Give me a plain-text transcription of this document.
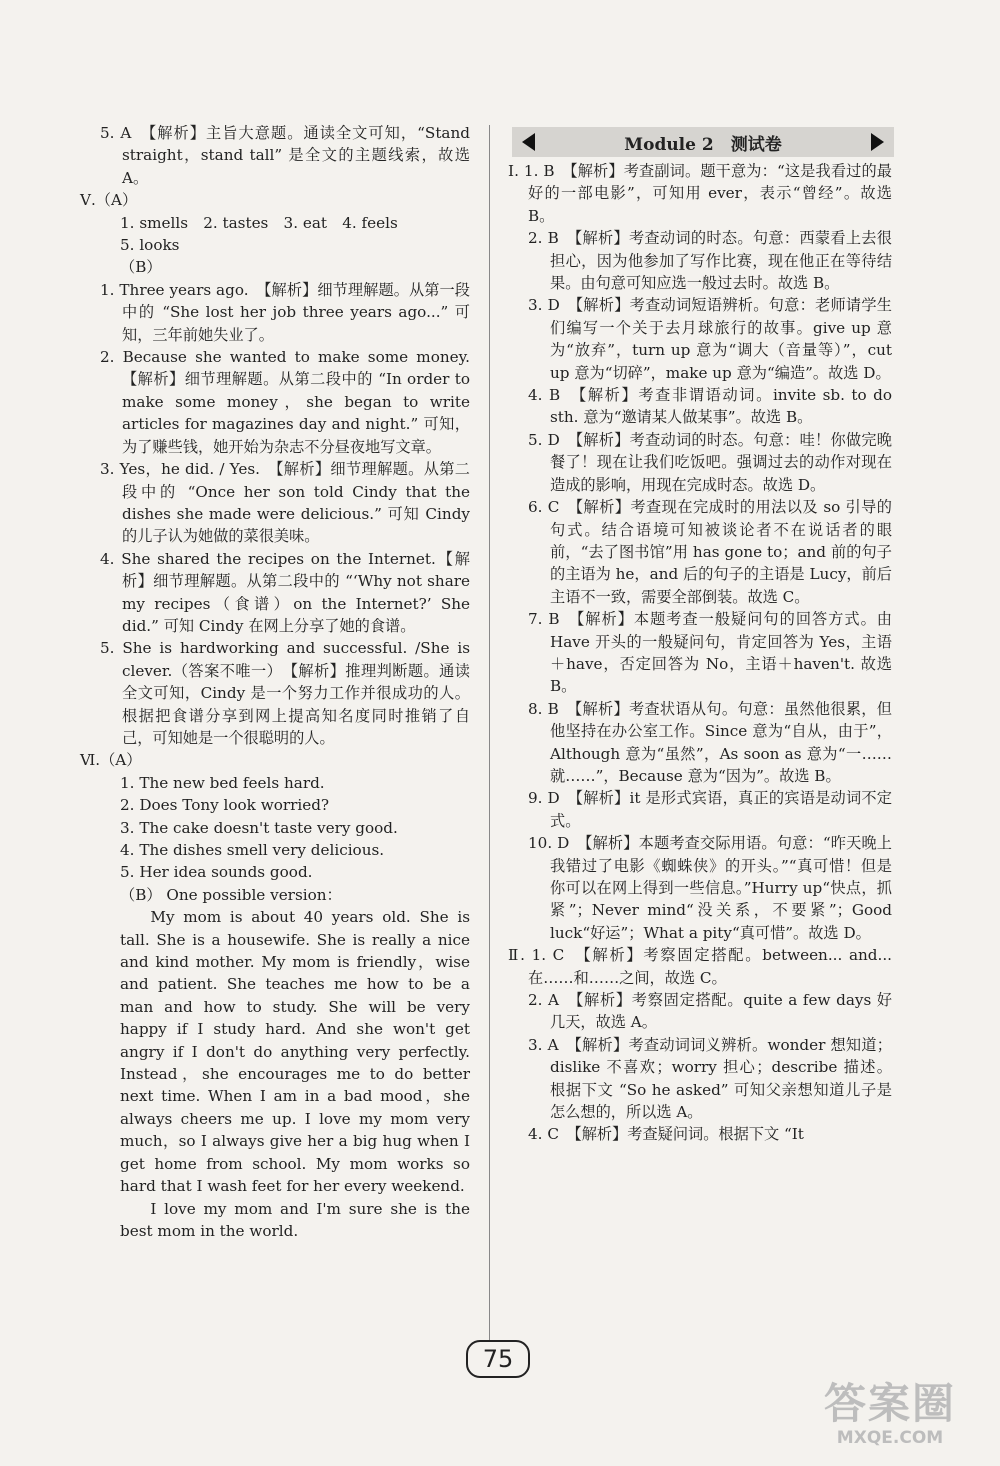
Module 2　测试卷

5. A　【解析】主旨大意题。通读全文可知，“Stand straight，stand tall” 是全文的主题线索，故选 A。

Ⅴ.（A）

1. smells　2. tastes　3. eat　4. feels

5. looks

（B）

1. Three years ago.　【解析】细节理解题。从第一段中的 “She lost her job three years ago...” 可知，三年前她失业了。

2. Because she wanted to make some money.【解析】细节理解题。从第二段中的 “In order to make some money，she began to write articles for magazines day and night.” 可知，为了赚些钱，她开始为杂志不分昼夜地写文章。

3. Yes，he did. / Yes.　【解析】细节理解题。从第二段中的 “Once her son told Cindy that the dishes she made were delicious.” 可知 Cindy 的儿子认为她做的菜很美味。

4. She shared the recipes on the Internet.【解析】细节理解题。从第二段中的 “‘Why not share my recipes（食谱）on the Internet?’ She did.” 可知 Cindy 在网上分享了她的食谱。

5. She is hardworking and successful. /She is clever.（答案不唯一）　【解析】推理判断题。通读全文可知，Cindy 是一个努力工作并很成功的人。根据把食谱分享到网上提高知名度同时推销了自己，可知她是一个很聪明的人。

Ⅵ.（A）

1. The new bed feels hard.

2. Does Tony look worried?

3. The cake doesn't taste very good.

4. The dishes smell very delicious.

5. Her idea sounds good.

（B） One possible version：

My mom is about 40 years old. She is tall. She is a housewife. She is really a nice and kind mother. My mom is friendly，wise and patient. She teaches me how to be a man and how to study. She will be very happy if I study hard. And she won't get angry if I don't do anything very perfectly. Instead，she encourages me to do better next time. When I am in a bad mood，she always cheers me up. I love my mom very much，so I always give her a big hug when I get home from school. My mom works so hard that I wash feet for her every weekend.

I love my mom and I'm sure she is the best mom in the world.

Ⅰ. 1. B　【解析】考查副词。题干意为：“这是我看过的最好的一部电影”，可知用 ever，表示“曾经”。故选 B。

2. B　【解析】考查动词的时态。句意：西蒙看上去很担心，因为他参加了写作比赛，现在他正在等待结果。由句意可知应选一般过去时。故选 B。

3. D　【解析】考查动词短语辨析。句意：老师请学生们编写一个关于去月球旅行的故事。give up 意为“放弃”，turn up 意为“调大（音量等）”，cut up 意为“切碎”，make up 意为“编造”。故选 D。

4. B　【解析】考查非谓语动词。invite sb. to do sth. 意为“邀请某人做某事”。故选 B。

5. D　【解析】考查动词的时态。句意：哇！你做完晚餐了！现在让我们吃饭吧。强调过去的动作对现在造成的影响，用现在完成时态。故选 D。

6. C　【解析】考查现在完成时的用法以及 so 引导的句式。结合语境可知被谈论者不在说话者的眼前，“去了图书馆”用 has gone to；and 前的句子的主语为 he，and 后的句子的主语是 Lucy，前后主语不一致，需要全部倒装。故选 C。

7. B　【解析】本题考查一般疑问句的回答方式。由 Have 开头的一般疑问句，肯定回答为 Yes，主语＋have，否定回答为 No，主语＋haven't. 故选 B。

8. B　【解析】考查状语从句。句意：虽然他很累，但他坚持在办公室工作。Since 意为“自从，由于”，Although 意为“虽然”，As soon as 意为“一……就……”，Because 意为“因为”。故选 B。

9. D　【解析】it 是形式宾语，真正的宾语是动词不定式。

10. D　【解析】本题考查交际用语。句意：“昨天晚上我错过了电影《蜘蛛侠》的开头。”“真可惜！但是你可以在网上得到一些信息。”Hurry up“快点，抓紧”；Never mind“没关系，不要紧”；Good luck“好运”；What a pity“真可惜”。故选 D。

Ⅱ. 1. C　【解析】考察固定搭配。between... and... 在……和……之间，故选 C。

2. A　【解析】考察固定搭配。quite a few days 好几天，故选 A。

3. A　【解析】考查动词词义辨析。wonder 想知道；dislike 不喜欢；worry 担心；describe 描述。根据下文 “So he asked” 可知父亲想知道儿子是怎么想的，所以选 A。

4. C　【解析】考查疑问词。根据下文 “It

75
答案圈
MXQE.COM
